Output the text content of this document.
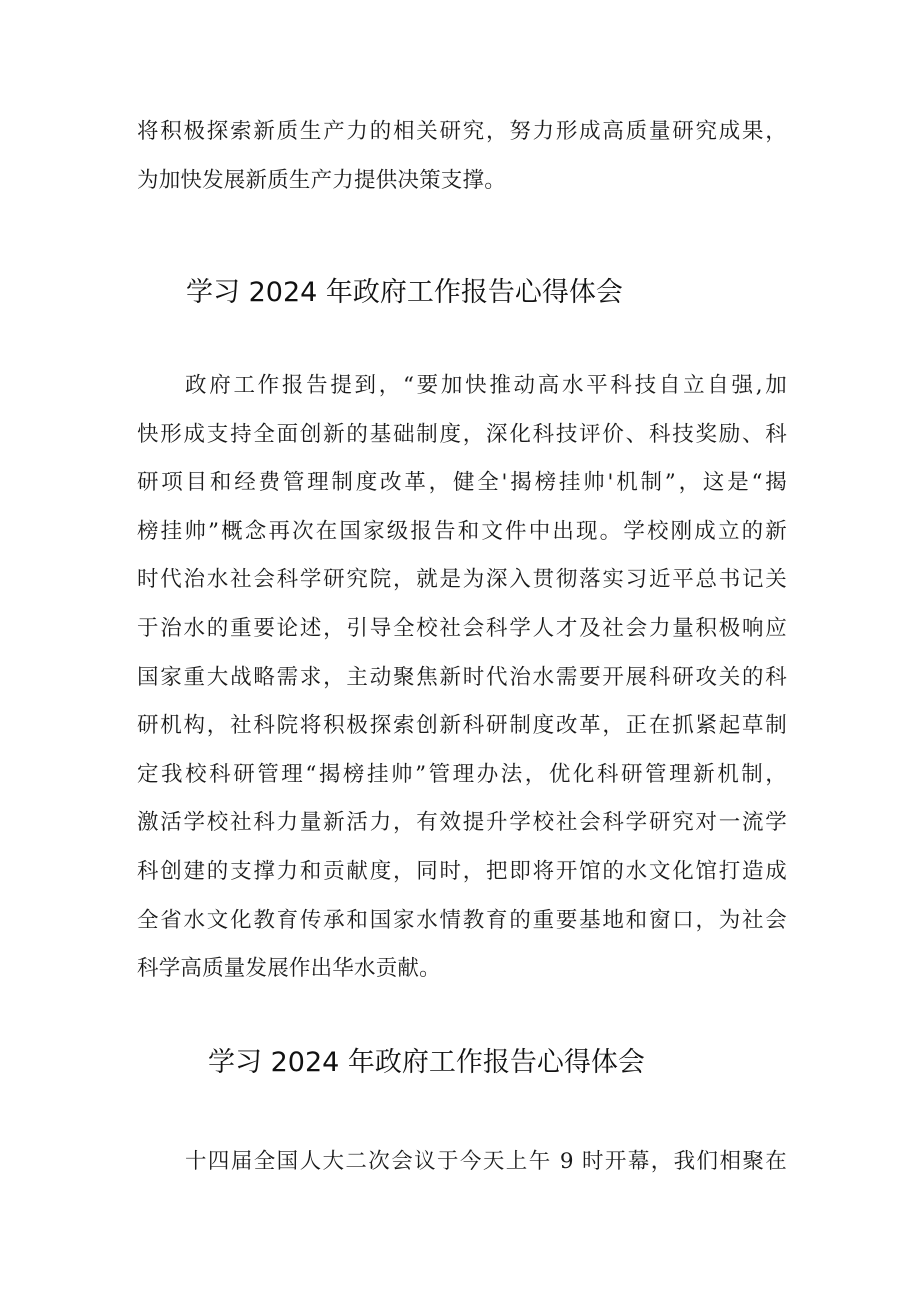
将积极探索新质生产力的相关研究，努力形成高质量研究成果，
为加快发展新质生产力提供决策支撑。
学习 2024 年政府工作报告心得体会
政府工作报告提到，“要加快推动高水平科技自立自强,加
快形成支持全面创新的基础制度，深化科技评价、科技奖励、科
研项目和经费管理制度改革，健全'揭榜挂帅'机制”，这是“揭
榜挂帅”概念再次在国家级报告和文件中出现。学校刚成立的新
时代治水社会科学研究院，就是为深入贯彻落实习近平总书记关
于治水的重要论述，引导全校社会科学人才及社会力量积极响应
国家重大战略需求，主动聚焦新时代治水需要开展科研攻关的科
研机构，社科院将积极探索创新科研制度改革，正在抓紧起草制
定我校科研管理“揭榜挂帅”管理办法，优化科研管理新机制，
激活学校社科力量新活力，有效提升学校社会科学研究对一流学
科创建的支撑力和贡献度，同时，把即将开馆的水文化馆打造成
全省水文化教育传承和国家水情教育的重要基地和窗口，为社会
科学高质量发展作出华水贡献。
学习 2024 年政府工作报告心得体会
十四届全国人大二次会议于今天上午 9 时开幕，我们相聚在
